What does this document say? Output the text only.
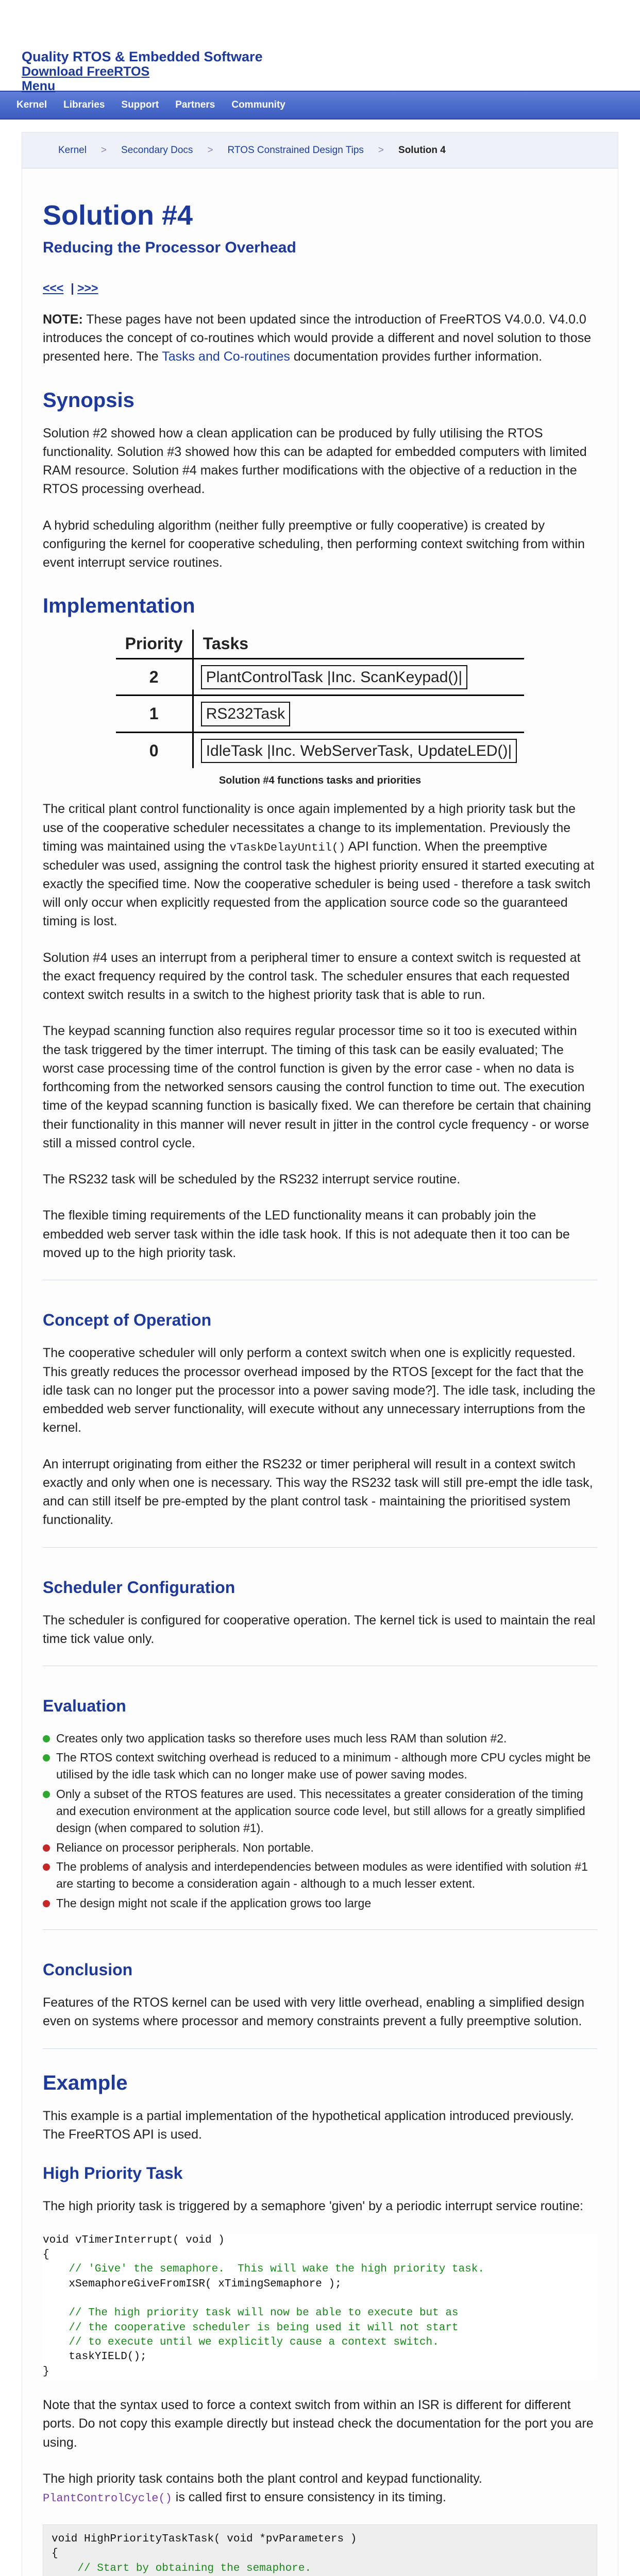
Quality RTOS & Embedded Software
Download FreeRTOS
Menu
Kernel Libraries Support Partners Community
Kernel > Secondary Docs > RTOS Constrained Design Tips > Solution 4
Solution #4
Reducing the Processor Overhead
<<< | >>>

NOTE: These pages have not been updated since the introduction of FreeRTOS V4.0.0. V4.0.0 introduces the concept of co-routines which would provide a different and novel solution to those presented here. The Tasks and Co-routines documentation provides further information.

Synopsis

Solution #2 showed how a clean application can be produced by fully utilising the RTOS functionality. Solution #3 showed how this can be adapted for embedded computers with limited RAM resource. Solution #4 makes further modifications with the objective of a reduction in the RTOS processing overhead.

A hybrid scheduling algorithm (neither fully preemptive or fully cooperative) is created by configuring the kernel for cooperative scheduling, then performing context switching from within event interrupt service routines.

Implementation
Priority	Tasks
2	PlantControlTask |Inc. ScanKeypad()|
1	RS232Task
0	IdleTask |Inc. WebServerTask, UpdateLED()|
Solution #4 functions tasks and priorities

The critical plant control functionality is once again implemented by a high priority task but the use of the cooperative scheduler necessitates a change to its implementation. Previously the timing was maintained using the vTaskDelayUntil() API function. When the preemptive scheduler was used, assigning the control task the highest priority ensured it started executing at exactly the specified time. Now the cooperative scheduler is being used - therefore a task switch will only occur when explicitly requested from the application source code so the guaranteed timing is lost.

Solution #4 uses an interrupt from a peripheral timer to ensure a context switch is requested at the exact frequency required by the control task. The scheduler ensures that each requested context switch results in a switch to the highest priority task that is able to run.

The keypad scanning function also requires regular processor time so it too is executed within the task triggered by the timer interrupt. The timing of this task can be easily evaluated; The worst case processing time of the control function is given by the error case - when no data is forthcoming from the networked sensors causing the control function to time out. The execution time of the keypad scanning function is basically fixed. We can therefore be certain that chaining their functionality in this manner will never result in jitter in the control cycle frequency - or worse still a missed control cycle.

The RS232 task will be scheduled by the RS232 interrupt service routine.

The flexible timing requirements of the LED functionality means it can probably join the embedded web server task within the idle task hook. If this is not adequate then it too can be moved up to the high priority task.

Concept of Operation

The cooperative scheduler will only perform a context switch when one is explicitly requested. This greatly reduces the processor overhead imposed by the RTOS [except for the fact that the idle task can no longer put the processor into a power saving mode?]. The idle task, including the embedded web server functionality, will execute without any unnecessary interruptions from the kernel.

An interrupt originating from either the RS232 or timer peripheral will result in a context switch exactly and only when one is necessary. This way the RS232 task will still pre-empt the idle task, and can still itself be pre-empted by the plant control task - maintaining the prioritised system functionality.

Scheduler Configuration

The scheduler is configured for cooperative operation. The kernel tick is used to maintain the real time tick value only.

Evaluation
Creates only two application tasks so therefore uses much less RAM than solution #2.
The RTOS context switching overhead is reduced to a minimum - although more CPU cycles might be utilised by the idle task which can no longer make use of power saving modes.
Only a subset of the RTOS features are used. This necessitates a greater consideration of the timing and execution environment at the application source code level, but still allows for a greatly simplified design (when compared to solution #1).
Reliance on processor peripherals. Non portable.
The problems of analysis and interdependencies between modules as were identified with solution #1 are starting to become a consideration again - although to a much lesser extent.
The design might not scale if the application grows too large
Conclusion

Features of the RTOS kernel can be used with very little overhead, enabling a simplified design even on systems where processor and memory constraints prevent a fully preemptive solution.

Example

This example is a partial implementation of the hypothetical application introduced previously. The FreeRTOS API is used.

High Priority Task

The high priority task is triggered by a semaphore 'given' by a periodic interrupt service routine:

void vTimerInterrupt( void )
{
// 'Give' the semaphore.  This will wake the high priority task.
xSemaphoreGiveFromISR( xTimingSemaphore );

// The high priority task will now be able to execute but as
// the cooperative scheduler is being used it will not start
// to execute until we explicitly cause a context switch.
taskYIELD();
}

Note that the syntax used to force a context switch from within an ISR is different for different ports. Do not copy this example directly but instead check the documentation for the port you are using.

The high priority task contains both the plant control and keypad functionality. PlantControlCycle() is called first to ensure consistency in its timing.

void HighPriorityTaskTask( void *pvParameters )
{
// Start by obtaining the semaphore.
